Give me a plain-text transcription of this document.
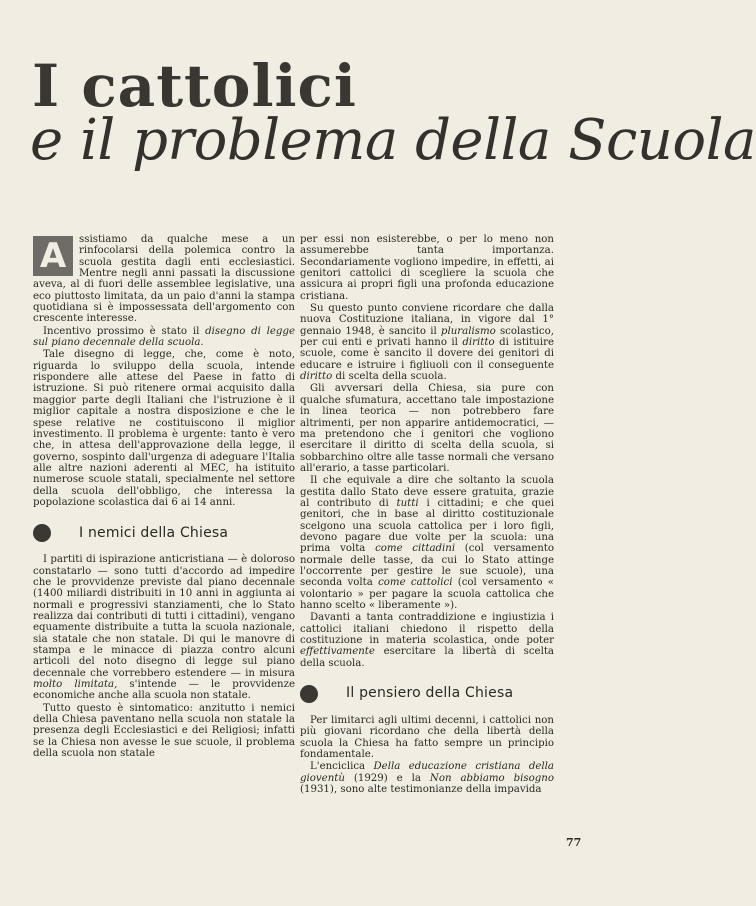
I cattolici
e il problema della Scuola

A	ssistiamo da qualche mese a un rinfocolarsi della polemica contro la scuola gestita dagli enti ecclesiastici. Mentre negli anni passati la discussione aveva, al di fuori delle assemblee legislative, una eco piuttosto limitata, da un paio d'anni la stampa quotidiana si è impossessata dell'argomento con crescente interesse.

Incentivo prossimo è stato il disegno di legge sul piano decennale della scuola.

Tale disegno di legge, che, come è noto, riguarda lo sviluppo della scuola, intende rispondere alle attese del Paese in fatto di istruzione. Si può ritenere ormai acquisito dalla maggior parte degli Italiani che l'istruzione è il miglior capitale a nostra disposizione e che le spese relative ne costituiscono il miglior investimento. Il problema è urgente: tanto è vero che, in attesa dell'approvazione della legge, il governo, sospinto dall'urgenza di adeguare l'Italia alle altre nazioni aderenti al MEC, ha istituito numerose scuole statali, specialmente nel settore della scuola dell'obbligo, che interessa la popolazione scolastica dai 6 ai 14 anni.

I nemici della Chiesa

I partiti di ispirazione anticristiana — è doloroso constatarlo — sono tutti d'accordo ad impedire che le provvidenze previste dal piano decennale (1400 miliardi distribuiti in 10 anni in aggiunta ai normali e progressivi stanziamenti, che lo Stato realizza dai contributi di tutti i cittadini), vengano equamente distribuite a tutta la scuola nazionale, sia statale che non statale. Di qui le manovre di stampa e le minacce di piazza contro alcuni articoli del noto disegno di legge sul piano decennale che vorrebbero estendere — in misura molto limitata, s'intende — le provvidenze economiche anche alla scuola non statale.

Tutto questo è sintomatico: anzitutto i nemici della Chiesa paventano nella scuola non statale la presenza degli Ecclesiastici e dei Religiosi; infatti se la Chiesa non avesse le sue scuole, il problema della scuola non statale

per essi non esisterebbe, o per lo meno non assumerebbe tanta importanza. Secondariamente vogliono impedire, in effetti, ai genitori cattolici di scegliere la scuola che assicura ai propri figli una profonda educazione cristiana.

Su questo punto conviene ricordare che dalla nuova Costituzione italiana, in vigore dal 1° gennaio 1948, è sancito il pluralismo scolastico, per cui enti e privati hanno il diritto di istituire scuole, come è sancito il dovere dei genitori di educare e istruire i figliuoli con il conseguente diritto di scelta della scuola.

Gli avversari della Chiesa, sia pure con qualche sfumatura, accettano tale impostazione in linea teorica — non potrebbero fare altrimenti, per non apparire antidemocratici, — ma pretendono che i genitori che vogliono esercitare il diritto di scelta della scuola, si sobbarchino oltre alle tasse normali che versano all'erario, a tasse particolari.

Il che equivale a dire che soltanto la scuola gestita dallo Stato deve essere gratuita, grazie al contributo di tutti i cittadini; e che quei genitori, che in base al diritto costituzionale scelgono una scuola cattolica per i loro figli, devono pagare due volte per la scuola: una prima volta come cittadini (col versamento normale delle tasse, da cui lo Stato attinge l'occorrente per gestire le sue scuole), una seconda volta come cattolici (col versamento « volontario » per pagare la scuola cattolica che hanno scelto « liberamente »).

Davanti a tanta contraddizione e ingiustizia i cattolici italiani chiedono il rispetto della costituzione in materia scolastica, onde poter effettivamente esercitare la libertà di scelta della scuola.

Il pensiero della Chiesa

Per limitarci agli ultimi decenni, i cattolici non più giovani ricordano che della libertà della scuola la Chiesa ha fatto sempre un principio fondamentale.

L'enciclica Della educazione cristiana della gioventù (1929) e la Non abbiamo bisogno (1931), sono alte testimonianze della impavida

77
